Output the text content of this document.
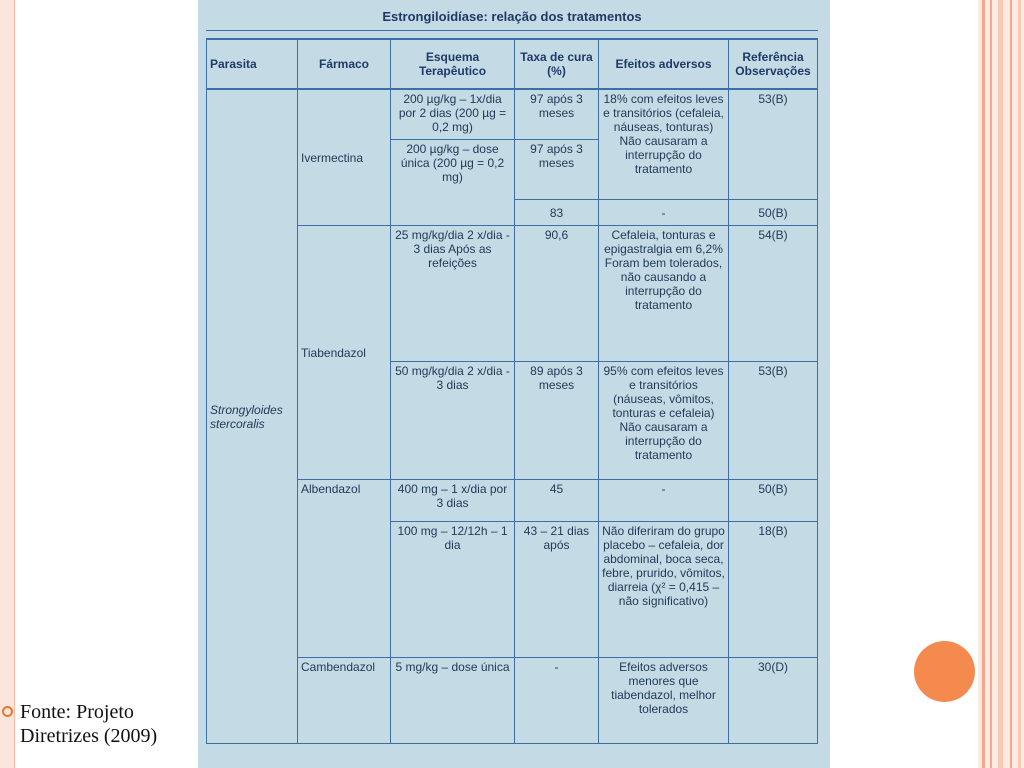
Estrongiloidíase: relação dos tratamentos
Parasita	Fármaco	Esquema Terapêutico	Taxa de cura (%)	Efeitos adversos	Referência Observações
Strongyloides stercoralis	Ivermectina	200 µg/kg – 1x/dia por 2 dias (200 µg = 0,2 mg)	97 após 3 meses	18% com efeitos leves e transitórios (cefaleia, náuseas, tonturas) Não causaram a interrupção do tratamento	53(B)
		200 µg/kg – dose única (200 µg = 0,2 mg)	97 após 3 meses		
			83	-	50(B)
	Tiabendazol	25 mg/kg/dia 2 x/dia - 3 dias Após as refeições	90,6	Cefaleia, tonturas e epigastralgia em 6,2% Foram bem tolerados, não causando a interrupção do tratamento	54(B)
		50 mg/kg/dia 2 x/dia - 3 dias	89 após 3 meses	95% com efeitos leves e transitórios (náuseas, vômitos, tonturas e cefaleia) Não causaram a interrupção do tratamento	53(B)
	Albendazol	400 mg – 1 x/dia por 3 dias	45	-	50(B)
		100 mg – 12/12h – 1 dia	43 – 21 dias após	Não diferiram do grupo placebo – cefaleia, dor abdominal, boca seca, febre, prurido, vômitos, diarreia (χ² = 0,415 – não significativo)	18(B)
	Cambendazol	5 mg/kg – dose única	-	Efeitos adversos menores que tiabendazol, melhor tolerados	30(D)
Fonte: Projeto Diretrizes (2009)
